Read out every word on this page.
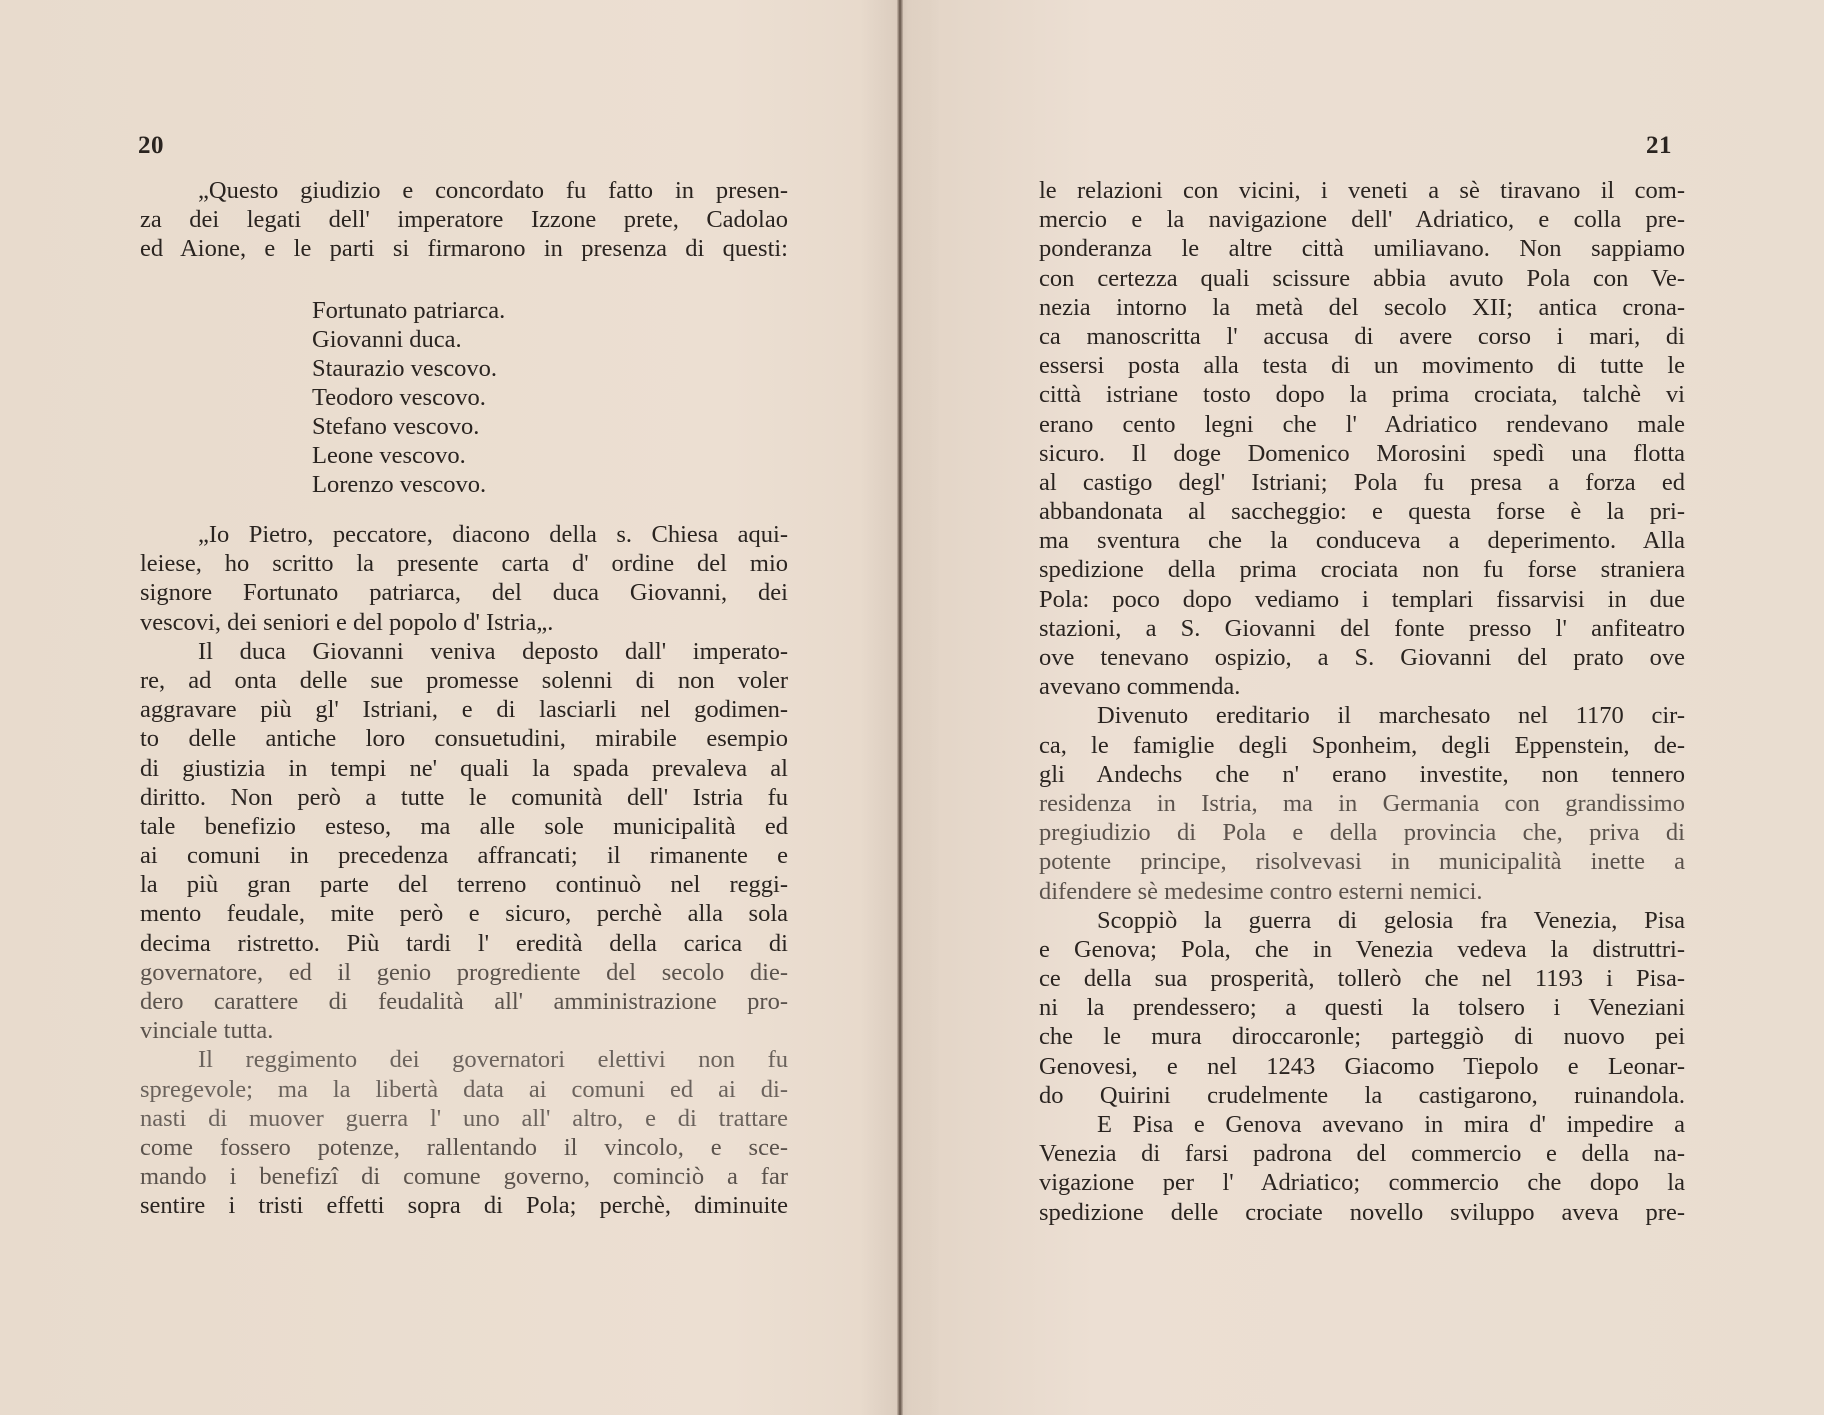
20
„Questo giudizio e concordato fu fatto in presen-
za dei legati dell' imperatore Izzone prete, Cadolao
ed Aione, e le parti si firmarono in presenza di questi:
Fortunato patriarca.
Giovanni duca.
Staurazio vescovo.
Teodoro vescovo.
Stefano vescovo.
Leone vescovo.
Lorenzo vescovo.
„Io Pietro, peccatore, diacono della s. Chiesa aqui-
leiese, ho scritto la presente carta d' ordine del mio
signore Fortunato patriarca, del duca Giovanni, dei
vescovi, dei seniori e del popolo d' Istria„.
Il duca Giovanni veniva deposto dall' imperato-
re, ad onta delle sue promesse solenni di non voler
aggravare più gl' Istriani, e di lasciarli nel godimen-
to delle antiche loro consuetudini, mirabile esempio
di giustizia in tempi ne' quali la spada prevaleva al
diritto. Non però a tutte le comunità dell' Istria fu
tale benefizio esteso, ma alle sole municipalità ed
ai comuni in precedenza affrancati; il rimanente e
la più gran parte del terreno continuò nel reggi-
mento feudale, mite però e sicuro, perchè alla sola
decima ristretto. Più tardi l' eredità della carica di
governatore, ed il genio progrediente del secolo die-
dero carattere di feudalità all' amministrazione pro-
vinciale tutta.
Il reggimento dei governatori elettivi non fu
spregevole; ma la libertà data ai comuni ed ai di-
nasti di muover guerra l' uno all' altro, e di trattare
come fossero potenze, rallentando il vincolo, e sce-
mando i benefizî di comune governo, cominciò a far
sentire i tristi effetti sopra di Pola; perchè, diminuite
21
le relazioni con vicini, i veneti a sè tiravano il com-
mercio e la navigazione dell' Adriatico, e colla pre-
ponderanza le altre città umiliavano. Non sappiamo
con certezza quali scissure abbia avuto Pola con Ve-
nezia intorno la metà del secolo XII; antica crona-
ca manoscritta l' accusa di avere corso i mari, di
essersi posta alla testa di un movimento di tutte le
città istriane tosto dopo la prima crociata, talchè vi
erano cento legni che l' Adriatico rendevano male
sicuro. Il doge Domenico Morosini spedì una flotta
al castigo degl' Istriani; Pola fu presa a forza ed
abbandonata al saccheggio: e questa forse è la pri-
ma sventura che la conduceva a deperimento. Alla
spedizione della prima crociata non fu forse straniera
Pola: poco dopo vediamo i templari fissarvisi in due
stazioni, a S. Giovanni del fonte presso l' anfiteatro
ove tenevano ospizio, a S. Giovanni del prato ove
avevano commenda.
Divenuto ereditario il marchesato nel 1170 cir-
ca, le famiglie degli Sponheim, degli Eppenstein, de-
gli Andechs che n' erano investite, non tennero
residenza in Istria, ma in Germania con grandissimo
pregiudizio di Pola e della provincia che, priva di
potente principe, risolvevasi in municipalità inette a
difendere sè medesime contro esterni nemici.
Scoppiò la guerra di gelosia fra Venezia, Pisa
e Genova; Pola, che in Venezia vedeva la distruttri-
ce della sua prosperità, tollerò che nel 1193 i Pisa-
ni la prendessero; a questi la tolsero i Veneziani
che le mura diroccaronle; parteggiò di nuovo pei
Genovesi, e nel 1243 Giacomo Tiepolo e Leonar-
do Quirini crudelmente la castigarono, ruinandola.
E Pisa e Genova avevano in mira d' impedire a
Venezia di farsi padrona del commercio e della na-
vigazione per l' Adriatico; commercio che dopo la
spedizione delle crociate novello sviluppo aveva pre-
